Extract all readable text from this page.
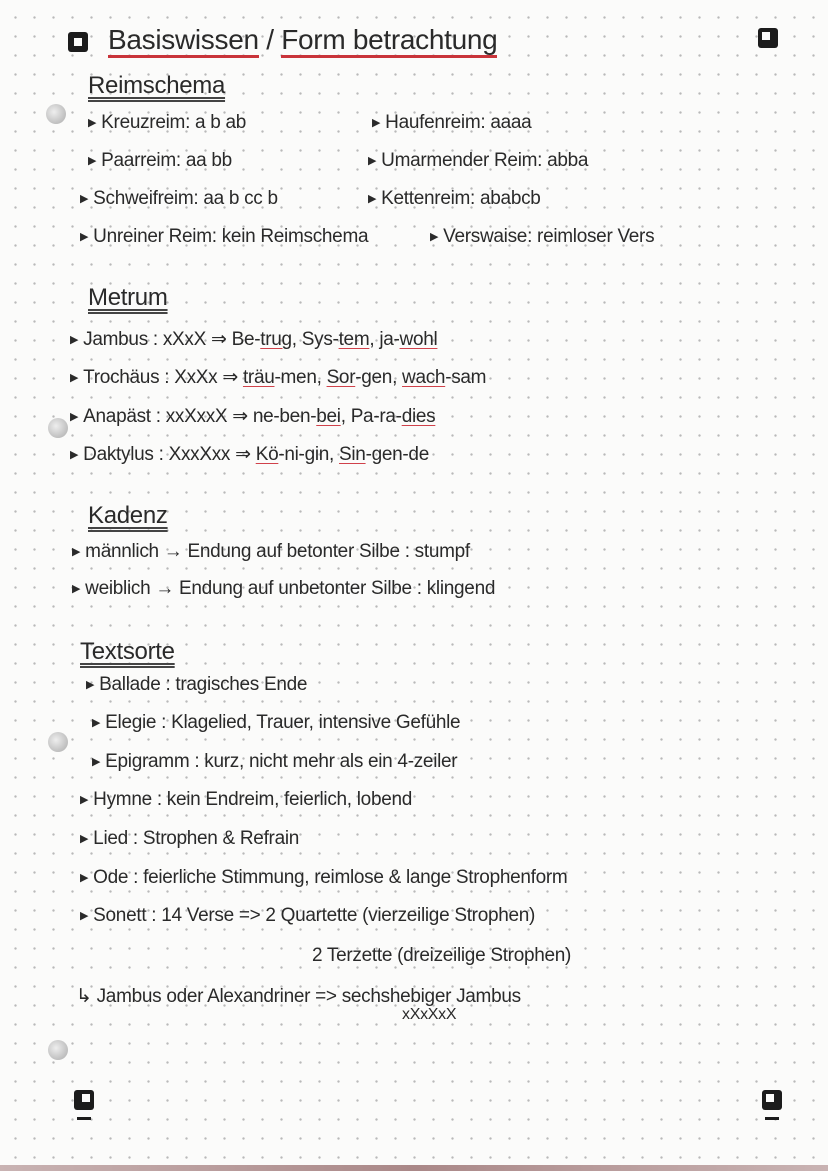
Basiswissen / Form betrachtung
Reimschema
▶ Kreuzreim: a b ab	▶ Haufenreim: aaaa
▶ Paarreim: aa bb	▶ Umarmender Reim: abba
▶ Schweifreim: aa b cc b	▶ Kettenreim: ababcb
▶ Unreiner Reim: kein Reimschema	▶ Verswaise: reimloser Vers
Metrum
▶ Jambus : xXxX ⇒ Be-trug, Sys-tem, ja-wohl
▶ Trochäus : XxXx ⇒ träu-men, Sor-gen, wach-sam
▶ Anapäst : xxXxxX ⇒ ne-ben-bei, Pa-ra-dies
▶ Daktylus : XxxXxx ⇒ Kö-ni-gin, Sin-gen-de
Kadenz
▶ männlich → Endung auf betonter Silbe : stumpf
▶ weiblich → Endung auf unbetonter Silbe : klingend
Textsorte
▶ Ballade : tragisches Ende
▶ Elegie : Klagelied, Trauer, intensive Gefühle
▶ Epigramm : kurz, nicht mehr als ein 4-zeiler
▶ Hymne : kein Endreim, feierlich, lobend
▶ Lied : Strophen & Refrain
▶ Ode : feierliche Stimmung, reimlose & lange Strophenform
▶ Sonett : 14 Verse => 2 Quartette (vierzeilige Strophen)
2 Terzette (dreizeilige Strophen)
↳ Jambus oder Alexandriner => sechshebiger Jambus
xXxXxX
